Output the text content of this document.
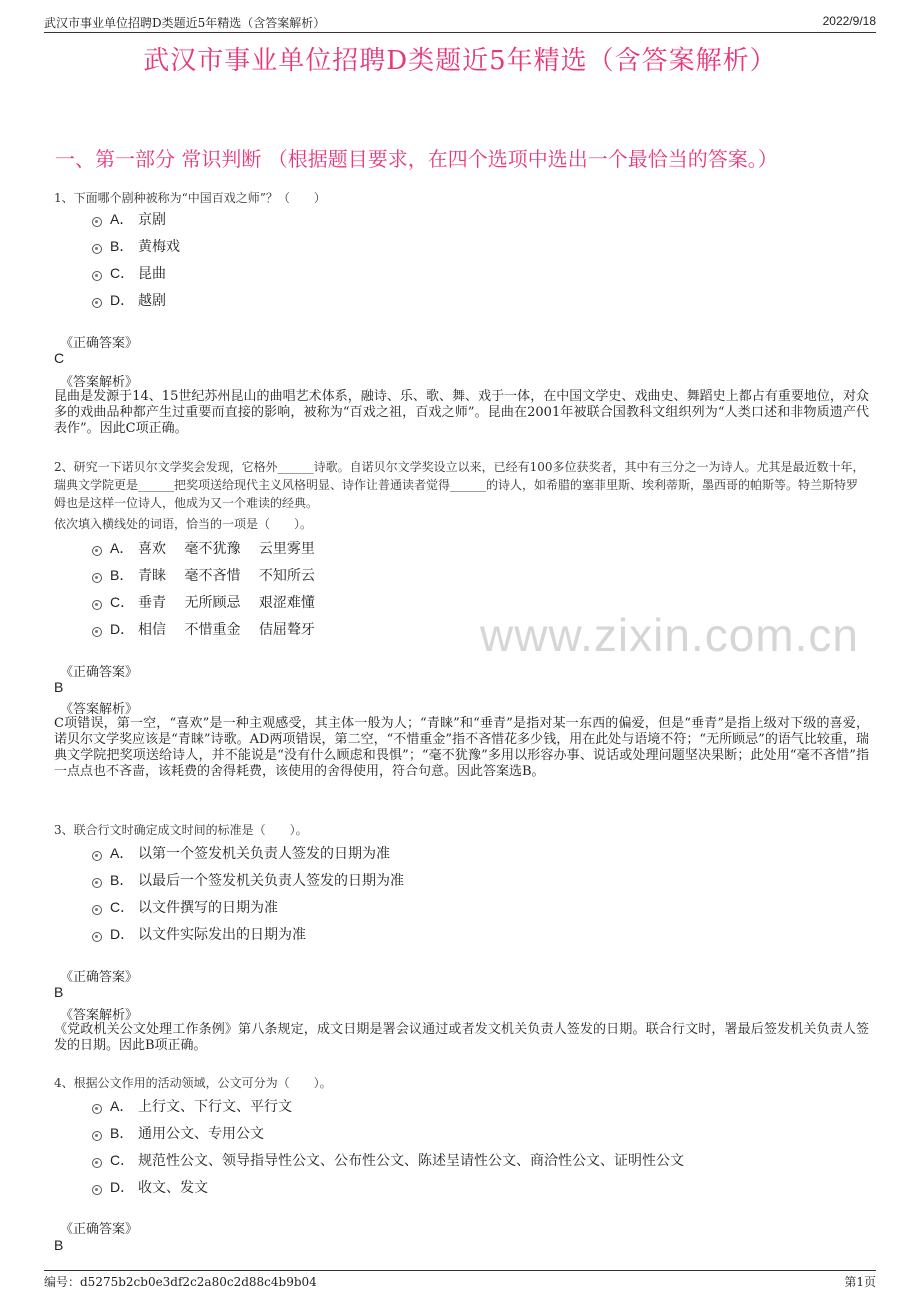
武汉市事业单位招聘D类题近5年精选（含答案解析）	2022/9/18
武汉市事业单位招聘D类题近5年精选（含答案解析）
一、第一部分 常识判断 （根据题目要求，在四个选项中选出一个最恰当的答案。）
1、下面哪个剧种被称为“中国百戏之师”？（　　）
A． 京剧
B． 黄梅戏
C． 昆曲
D． 越剧
《正确答案》
C
《答案解析》
昆曲是发源于14、15世纪苏州昆山的曲唱艺术体系，融诗、乐、歌、舞、戏于一体，在中国文学史、戏曲史、舞蹈史上都占有重要地位，对众多的戏曲品种都产生过重要而直接的影响，被称为“百戏之祖，百戏之师”。昆曲在2001年被联合国教科文组织列为“人类口述和非物质遗产代表作”。因此C项正确。
2、研究一下诺贝尔文学奖会发现，它格外______诗歌。自诺贝尔文学奖设立以来，已经有100多位获奖者，其中有三分之一为诗人。尤其是最近数十年，瑞典文学院更是______把奖项送给现代主义风格明显、诗作让普通读者觉得______的诗人，如希腊的塞菲里斯、埃利蒂斯，墨西哥的帕斯等。特兰斯特罗姆也是这样一位诗人，他成为又一个难读的经典。
依次填入横线处的词语，恰当的一项是（　　）。
A． 喜欢　 毫不犹豫　 云里雾里
B． 青睐　 毫不吝惜　 不知所云
C． 垂青　 无所顾忌　 艰涩难懂
D． 相信　 不惜重金　 佶屈聱牙
《正确答案》
B
《答案解析》
C项错误，第一空，“喜欢”是一种主观感受，其主体一般为人；“青睐”和“垂青”是指对某一东西的偏爱，但是“垂青”是指上级对下级的喜爱，诺贝尔文学奖应该是“青睐”诗歌。AD两项错误，第二空，“不惜重金”指不吝惜花多少钱，用在此处与语境不符；“无所顾忌”的语气比较重，瑞典文学院把奖项送给诗人，并不能说是“没有什么顾虑和畏惧”；“毫不犹豫”多用以形容办事、说话或处理问题坚决果断；此处用“毫不吝惜”指一点点也不吝啬，该耗费的舍得耗费，该使用的舍得使用，符合句意。因此答案选B。
3、联合行文时确定成文时间的标准是（　　）。
A． 以第一个签发机关负责人签发的日期为准
B． 以最后一个签发机关负责人签发的日期为准
C． 以文件撰写的日期为准
D． 以文件实际发出的日期为准
《正确答案》
B
《答案解析》
《党政机关公文处理工作条例》第八条规定，成文日期是署会议通过或者发文机关负责人签发的日期。联合行文时，署最后签发机关负责人签发的日期。因此B项正确。
4、根据公文作用的活动领域，公文可分为（　　）。
A． 上行文、下行文、平行文
B． 通用公文、专用公文
C． 规范性公文、领导指导性公文、公布性公文、陈述呈请性公文、商洽性公文、证明性公文
D． 收文、发文
《正确答案》
B
www.zixin.com.cn
编号：d5275b2cb0e3df2c2a80c2d88c4b9b04	第1页
